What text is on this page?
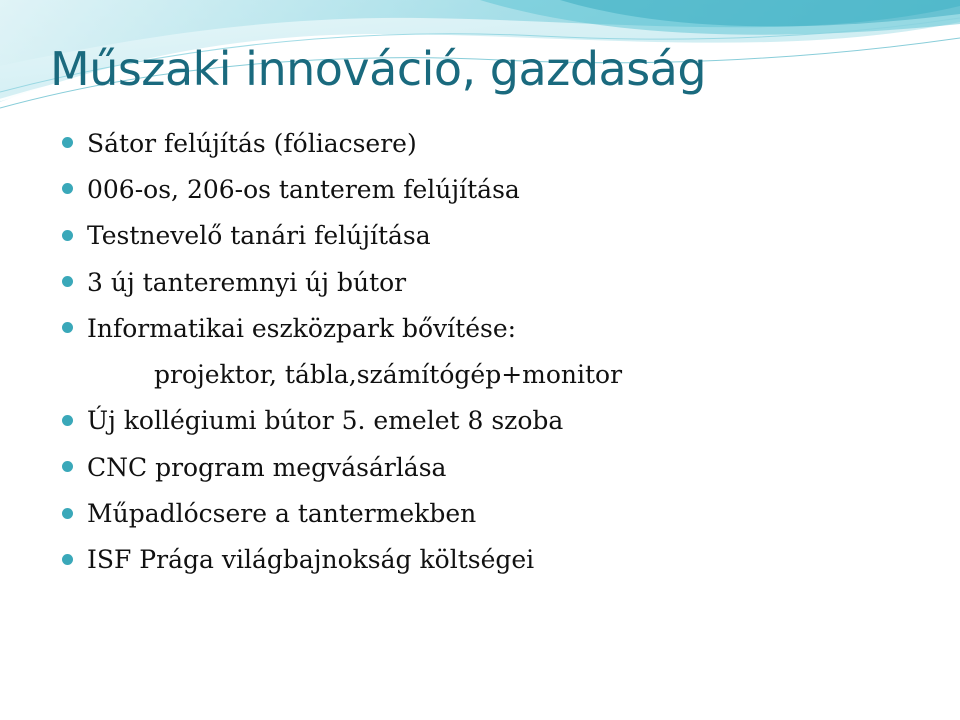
Műszaki innováció, gazdaság
Sátor felújítás (fóliacsere)
006-os, 206-os tanterem felújítása
Testnevelő tanári felújítása
3 új tanteremnyi új bútor
Informatikai eszközpark bővítése:
projektor, tábla,számítógép+monitor
Új kollégiumi bútor 5. emelet 8 szoba
CNC program megvásárlása
Műpadlócsere a tantermekben
ISF Prága világbajnokság költségei
